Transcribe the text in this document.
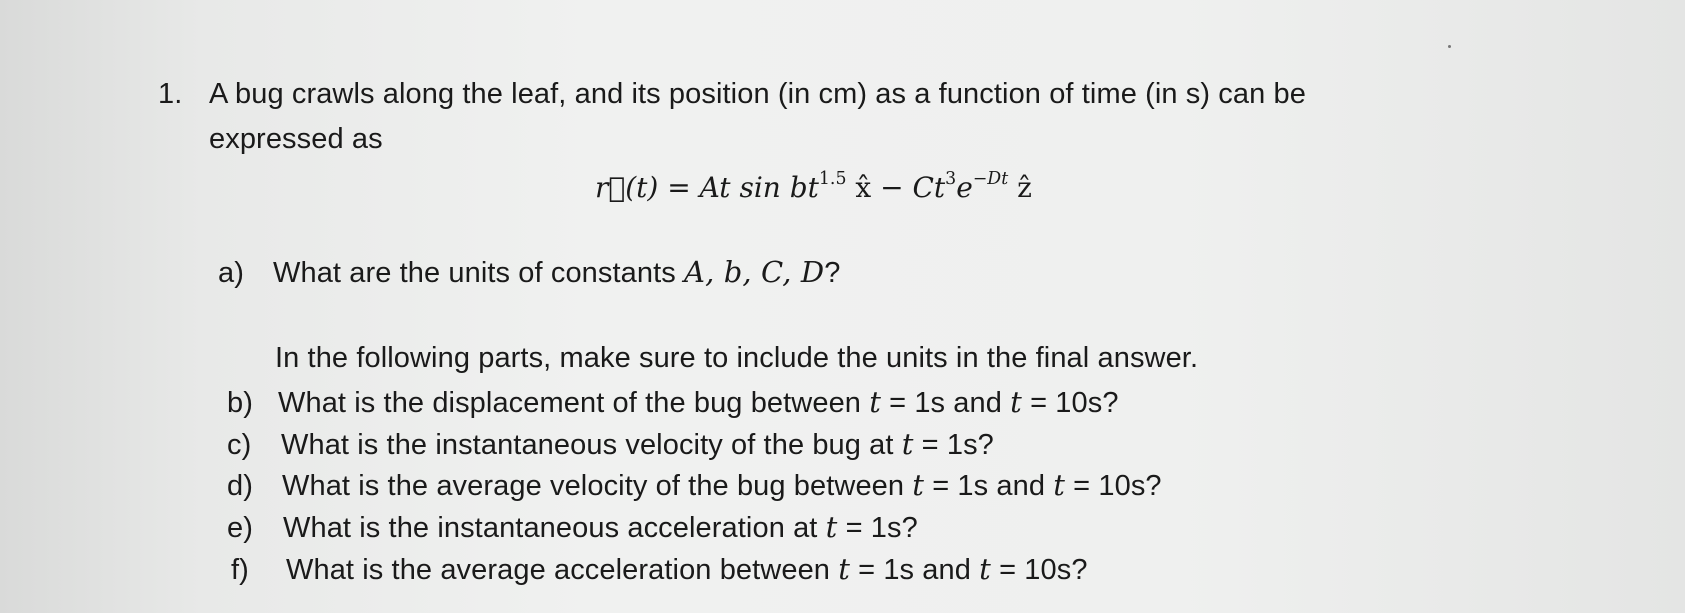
1. A bug crawls along the leaf, and its position (in cm) as a function of time (in s) can be
expressed as
r⃗(t) = At $\sin bt^{1.5}$ x̂ − $Ct^3e^{-Dt}$ ẑ
a) What are the units of constants A, b, C, D?
In the following parts, make sure to include the units in the final answer.
b) What is the displacement of the bug between t = 1s and t = 10s?
c) What is the instantaneous velocity of the bug at t = 1s?
d) What is the average velocity of the bug between t = 1s and t = 10s?
e) What is the instantaneous acceleration at t = 1s?
f) What is the average acceleration between t = 1s and t = 10s?
